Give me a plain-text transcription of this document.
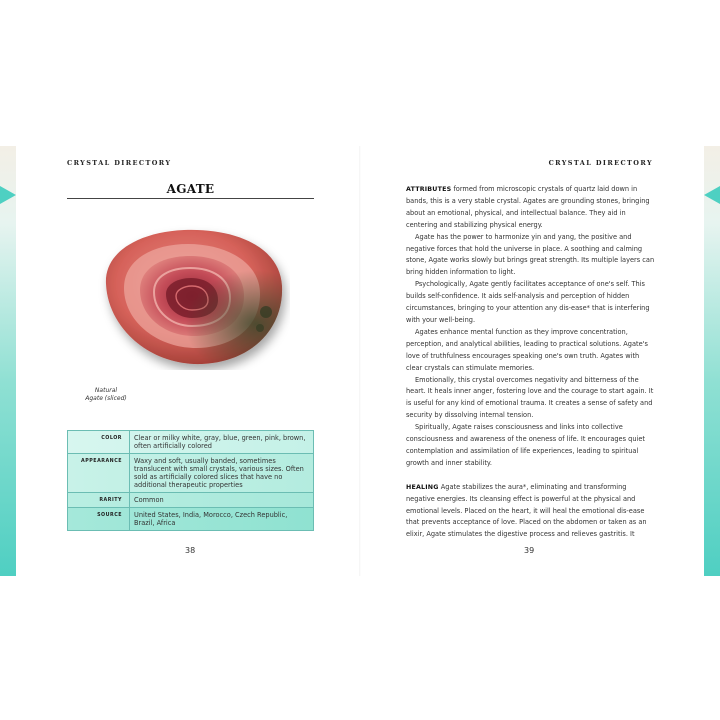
CRYSTAL DIRECTORY
AGATE
Natural
Agate (sliced)
COLOR	Clear or milky white, gray, blue, green, pink, brown, often artificially colored
APPEARANCE	Waxy and soft, usually banded, sometimes translucent with small crystals, various sizes. Often sold as artificially colored slices that have no additional therapeutic properties
RARITY	Common
SOURCE	United States, India, Morocco, Czech Republic, Brazil, Africa
38
CRYSTAL DIRECTORY

ATTRIBUTES formed from microscopic crystals of quartz laid down in bands, this is a very stable crystal. Agates are grounding stones, bringing about an emotional, physical, and intellectual balance. They aid in centering and stabilizing physical energy.

Agate has the power to harmonize yin and yang, the positive and negative forces that hold the universe in place. A soothing and calming stone, Agate works slowly but brings great strength. Its multiple layers can bring hidden information to light.

Psychologically, Agate gently facilitates acceptance of one's self. This builds self-confidence. It aids self-analysis and perception of hidden circumstances, bringing to your attention any dis-ease* that is interfering with your well-being.

Agates enhance mental function as they improve concentration, perception, and analytical abilities, leading to practical solutions. Agate's love of truthfulness encourages speaking one's own truth. Agates with clear crystals can stimulate memories.

Emotionally, this crystal overcomes negativity and bitterness of the heart. It heals inner anger, fostering love and the courage to start again. It is useful for any kind of emotional trauma. It creates a sense of safety and security by dissolving internal tension.

Spiritually, Agate raises consciousness and links into collective consciousness and awareness of the oneness of life. It encourages quiet contemplation and assimilation of life experiences, leading to spiritual growth and inner stability.

HEALING Agate stabilizes the aura*, eliminating and transforming negative energies. Its cleansing effect is powerful at the physical and emotional levels. Placed on the heart, it will heal the emotional dis-ease that prevents acceptance of love. Placed on the abdomen or taken as an elixir, Agate stimulates the digestive process and relieves gastritis. It

39
